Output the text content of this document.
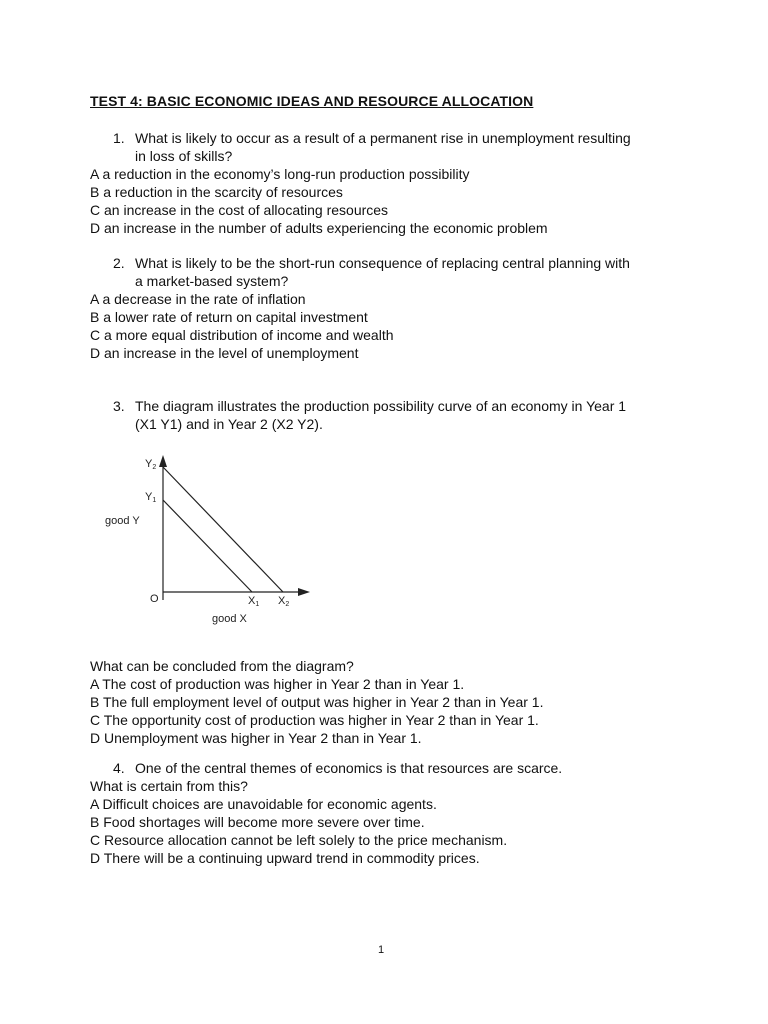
TEST 4: BASIC ECONOMIC IDEAS AND RESOURCE ALLOCATION
1. What is likely to occur as a result of a permanent rise in unemployment resulting
in loss of skills?
A a reduction in the economy’s long-run production possibility
B a reduction in the scarcity of resources
C an increase in the cost of allocating resources
D an increase in the number of adults experiencing the economic problem
2. What is likely to be the short-run consequence of replacing central planning with
a market-based system?
A a decrease in the rate of inflation
B a lower rate of return on capital investment
C a more equal distribution of income and wealth
D an increase in the level of unemployment
3. The diagram illustrates the production possibility curve of an economy in Year 1
(X1 Y1) and in Year 2 (X2 Y2).
Y2
Y1
good Y
O	X1 X2
good X
What can be concluded from the diagram?
A The cost of production was higher in Year 2 than in Year 1.
B The full employment level of output was higher in Year 2 than in Year 1.
C The opportunity cost of production was higher in Year 2 than in Year 1.
D Unemployment was higher in Year 2 than in Year 1.
4. One of the central themes of economics is that resources are scarce.
What is certain from this?
A Difficult choices are unavoidable for economic agents.
B Food shortages will become more severe over time.
C Resource allocation cannot be left solely to the price mechanism.
D There will be a continuing upward trend in commodity prices.
1
